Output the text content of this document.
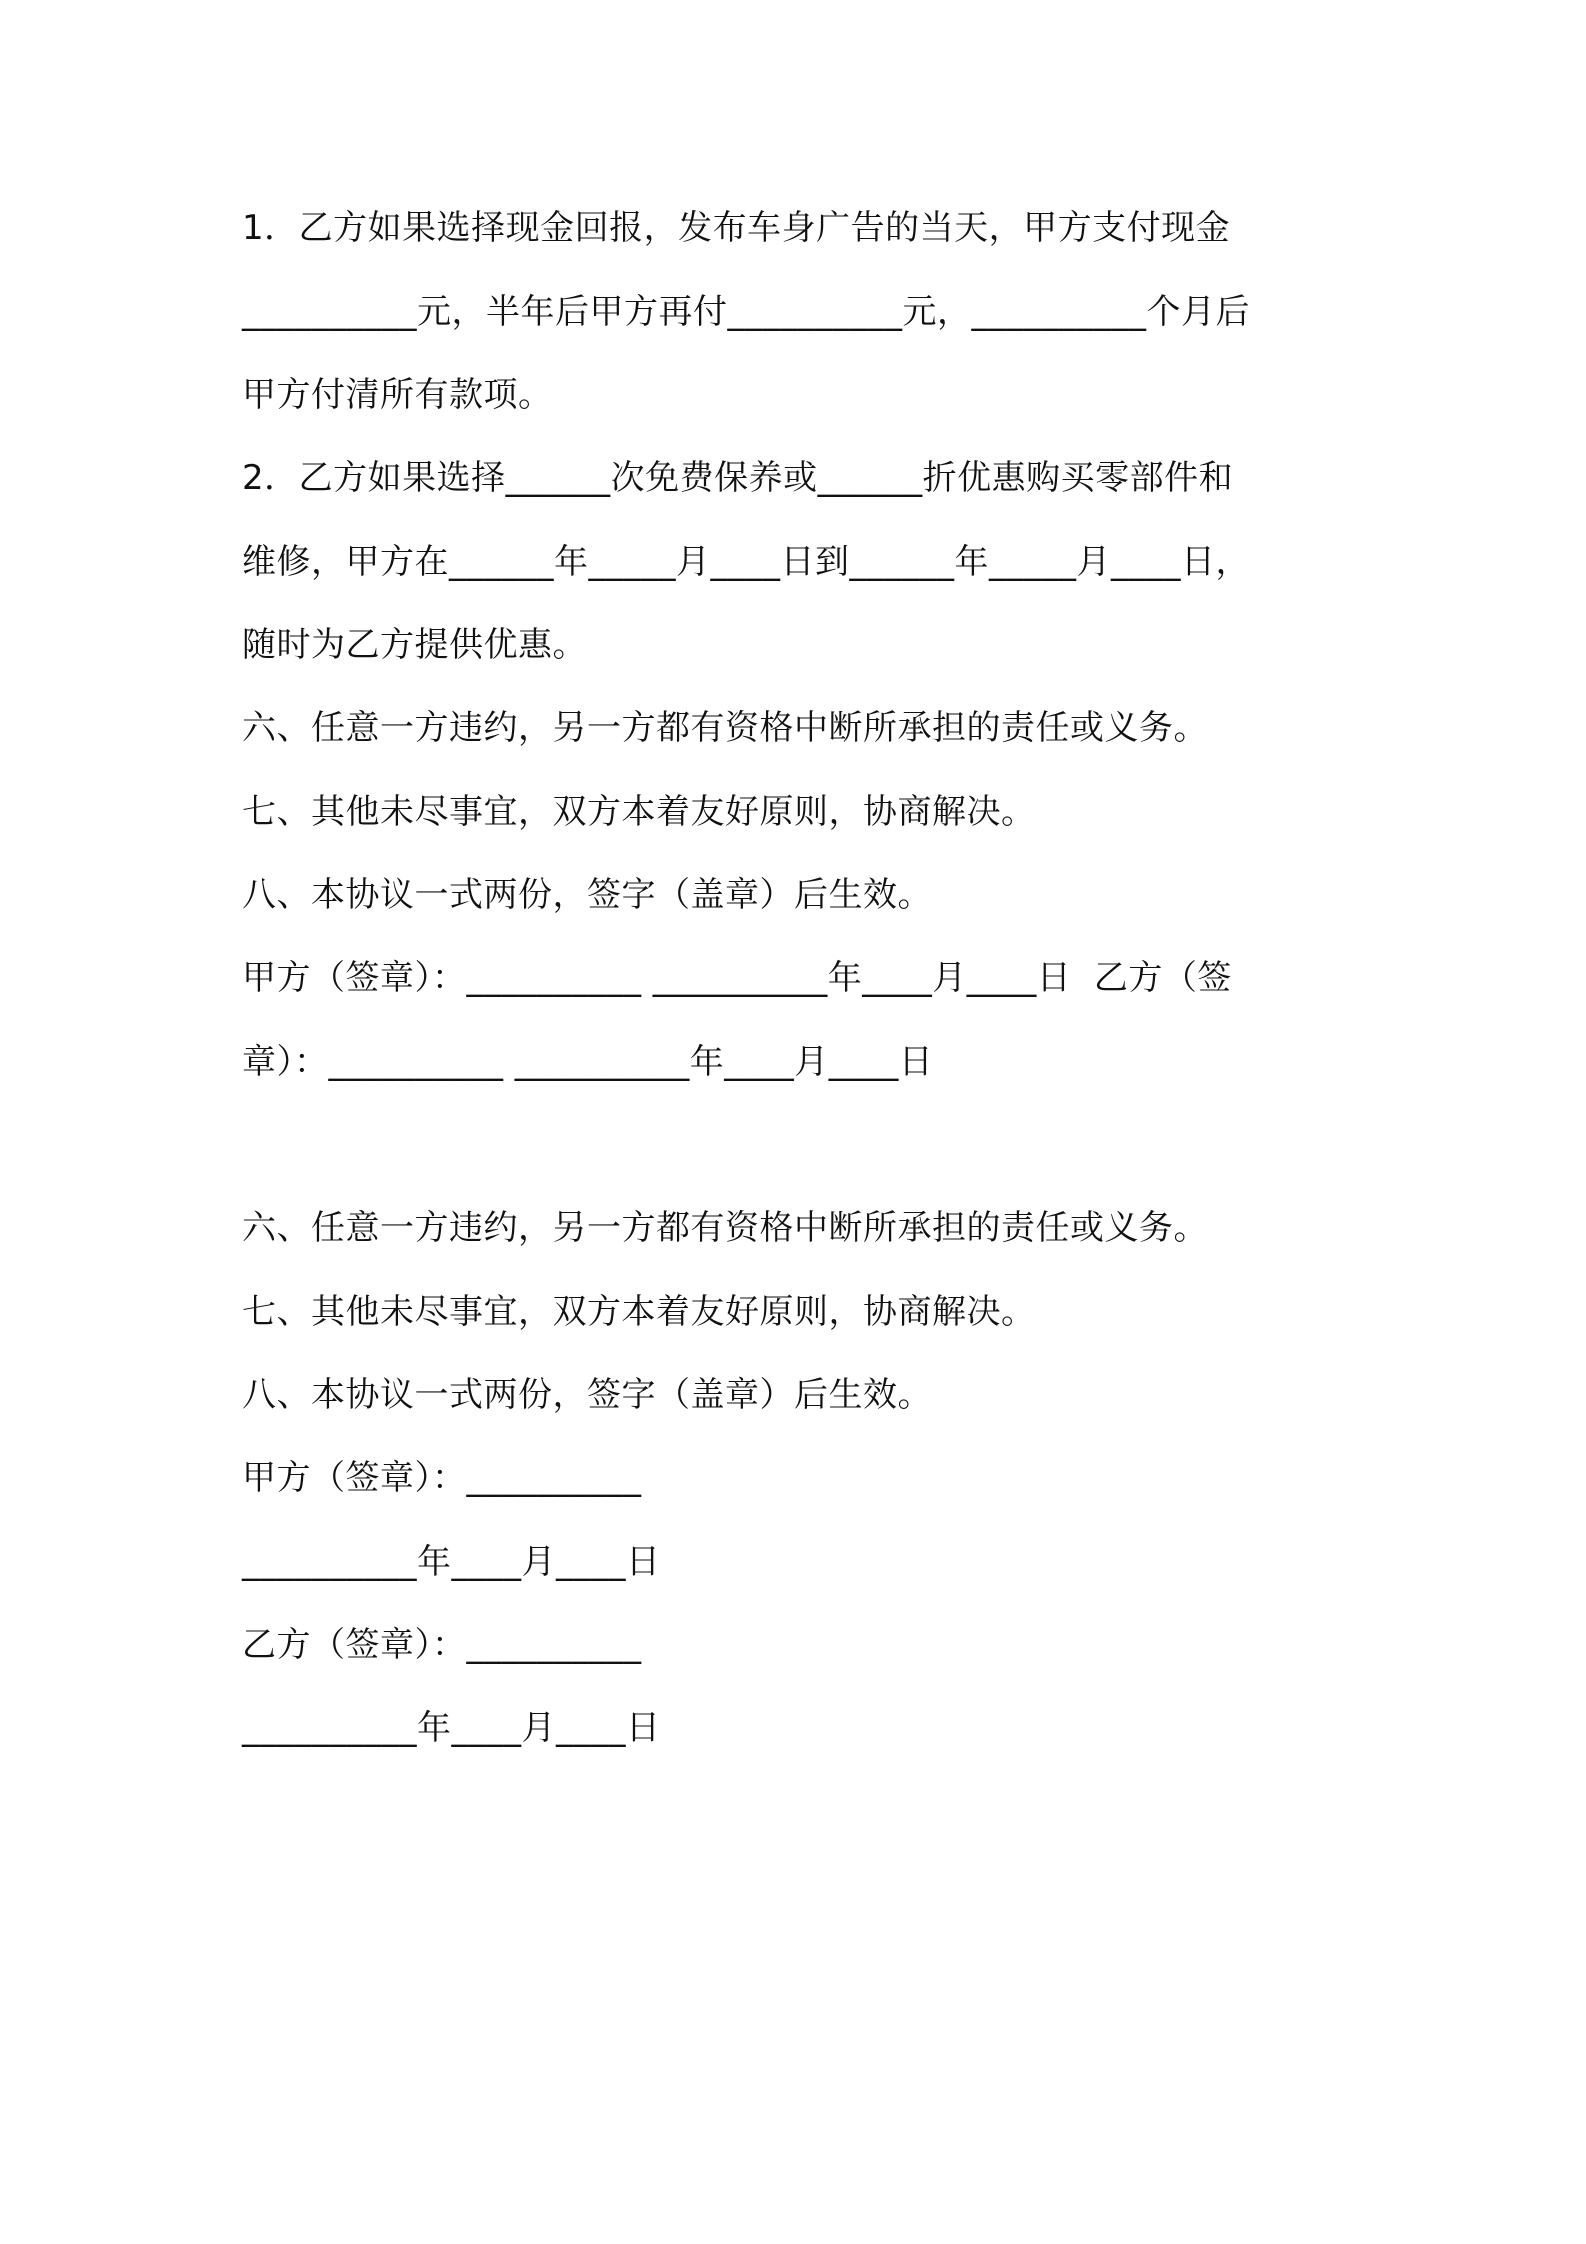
1．乙方如果选择现金回报，发布车身广告的当天，甲方支付现金
__________元，半年后甲方再付__________元，__________个月后
甲方付清所有款项。
2．乙方如果选择______次免费保养或______折优惠购买零部件和
维修，甲方在______年_____月____日到______年_____月____日，
随时为乙方提供优惠。
六、任意一方违约，另一方都有资格中断所承担的责任或义务。
七、其他未尽事宜，双方本着友好原则，协商解决。
八、本协议一式两份，签字（盖章）后生效。
甲方（签章）：__________ __________年____月____日  乙方（签
章）：__________ __________年____月____日
六、任意一方违约，另一方都有资格中断所承担的责任或义务。
七、其他未尽事宜，双方本着友好原则，协商解决。
八、本协议一式两份，签字（盖章）后生效。
甲方（签章）：__________
__________年____月____日
乙方（签章）：__________
__________年____月____日
